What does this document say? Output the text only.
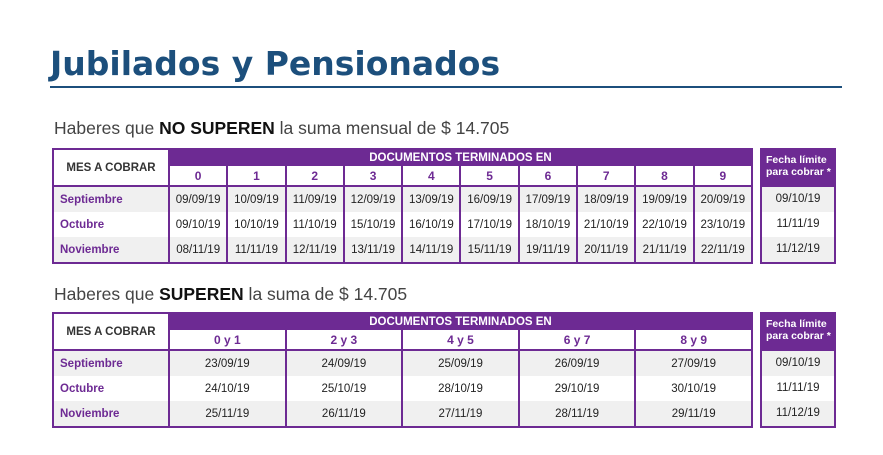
Jubilados y Pensionados
Haberes que NO SUPEREN la suma mensual de $ 14.705
MES A COBRAR	DOCUMENTOS TERMINADOS EN									
	0	1	2	3	4	5	6	7	8	9
Septiembre	09/09/19	10/09/19	11/09/19	12/09/19	13/09/19	16/09/19	17/09/19	18/09/19	19/09/19	20/09/19
Octubre	09/10/19	10/10/19	11/10/19	15/10/19	16/10/19	17/10/19	18/10/19	21/10/19	22/10/19	23/10/19
Noviembre	08/11/19	11/11/19	12/11/19	13/11/19	14/11/19	15/11/19	19/11/19	20/11/19	21/11/19	22/11/19
Fecha límite para cobrar *
09/10/19
11/11/19
11/12/19
Haberes que SUPEREN la suma de $ 14.705
MES A COBRAR	DOCUMENTOS TERMINADOS EN				
	0 y 1	2 y 3	4 y 5	6 y 7	8 y 9
Septiembre	23/09/19	24/09/19	25/09/19	26/09/19	27/09/19
Octubre	24/10/19	25/10/19	28/10/19	29/10/19	30/10/19
Noviembre	25/11/19	26/11/19	27/11/19	28/11/19	29/11/19
Fecha límite para cobrar *
09/10/19
11/11/19
11/12/19
